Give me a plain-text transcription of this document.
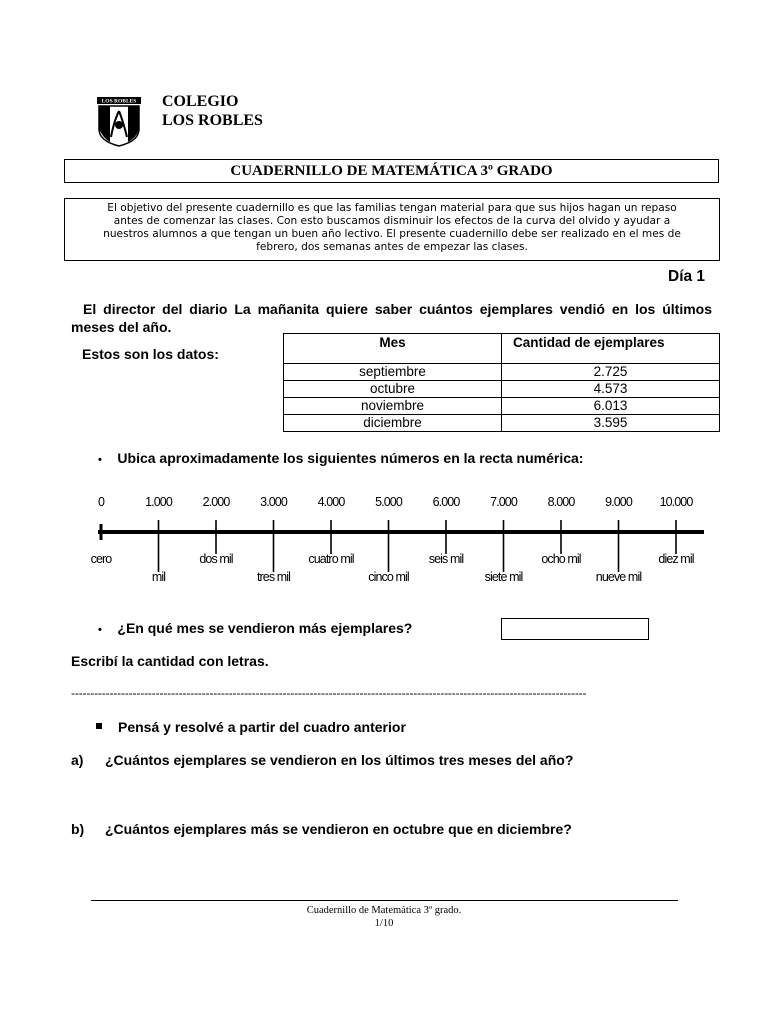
LOS ROBLES COLEGIO
LOS ROBLES
CUADERNILLO DE MATEMÁTICA 3º GRADO
El objetivo del presente cuadernillo es que las familias tengan material para que sus hijos hagan un repaso
antes de comenzar las clases. Con esto buscamos disminuir los efectos de la curva del olvido y ayudar a
nuestros alumnos a que tengan un buen año lectivo. El presente cuadernillo debe ser realizado en el mes de
febrero, dos semanas antes de empezar las clases.
Día 1
El director del diario La mañanita quiere saber cuántos ejemplares vendió en los últimos meses del año.
Estos son los datos:
Mes	Cantidad de ejemplares
septiembre	2.725
octubre	4.573
noviembre	6.013
diciembre	3.595
• Ubica aproximadamente los siguientes números en la recta numérica:
0	1.000 2.000 3.000 4.000 5.000 6.000 7.000 8.000 9.000 10.000
cero	dos mil	cuatro mil	seis mil	ocho mil	diez mil
mil	tres mil	cinco mil	siete mil	nueve mil
• ¿En qué mes se vendieron más ejemplares?
Escribí la cantidad con letras.
--------------------------------------------------------------------------------------------------------------------------------------
Pensá y resolvé a partir del cuadro anterior
a) ¿Cuántos ejemplares se vendieron en los últimos tres meses del año?
b) ¿Cuántos ejemplares más se vendieron en octubre que en diciembre?
Cuadernillo de Matemática 3º grado.
1/10
